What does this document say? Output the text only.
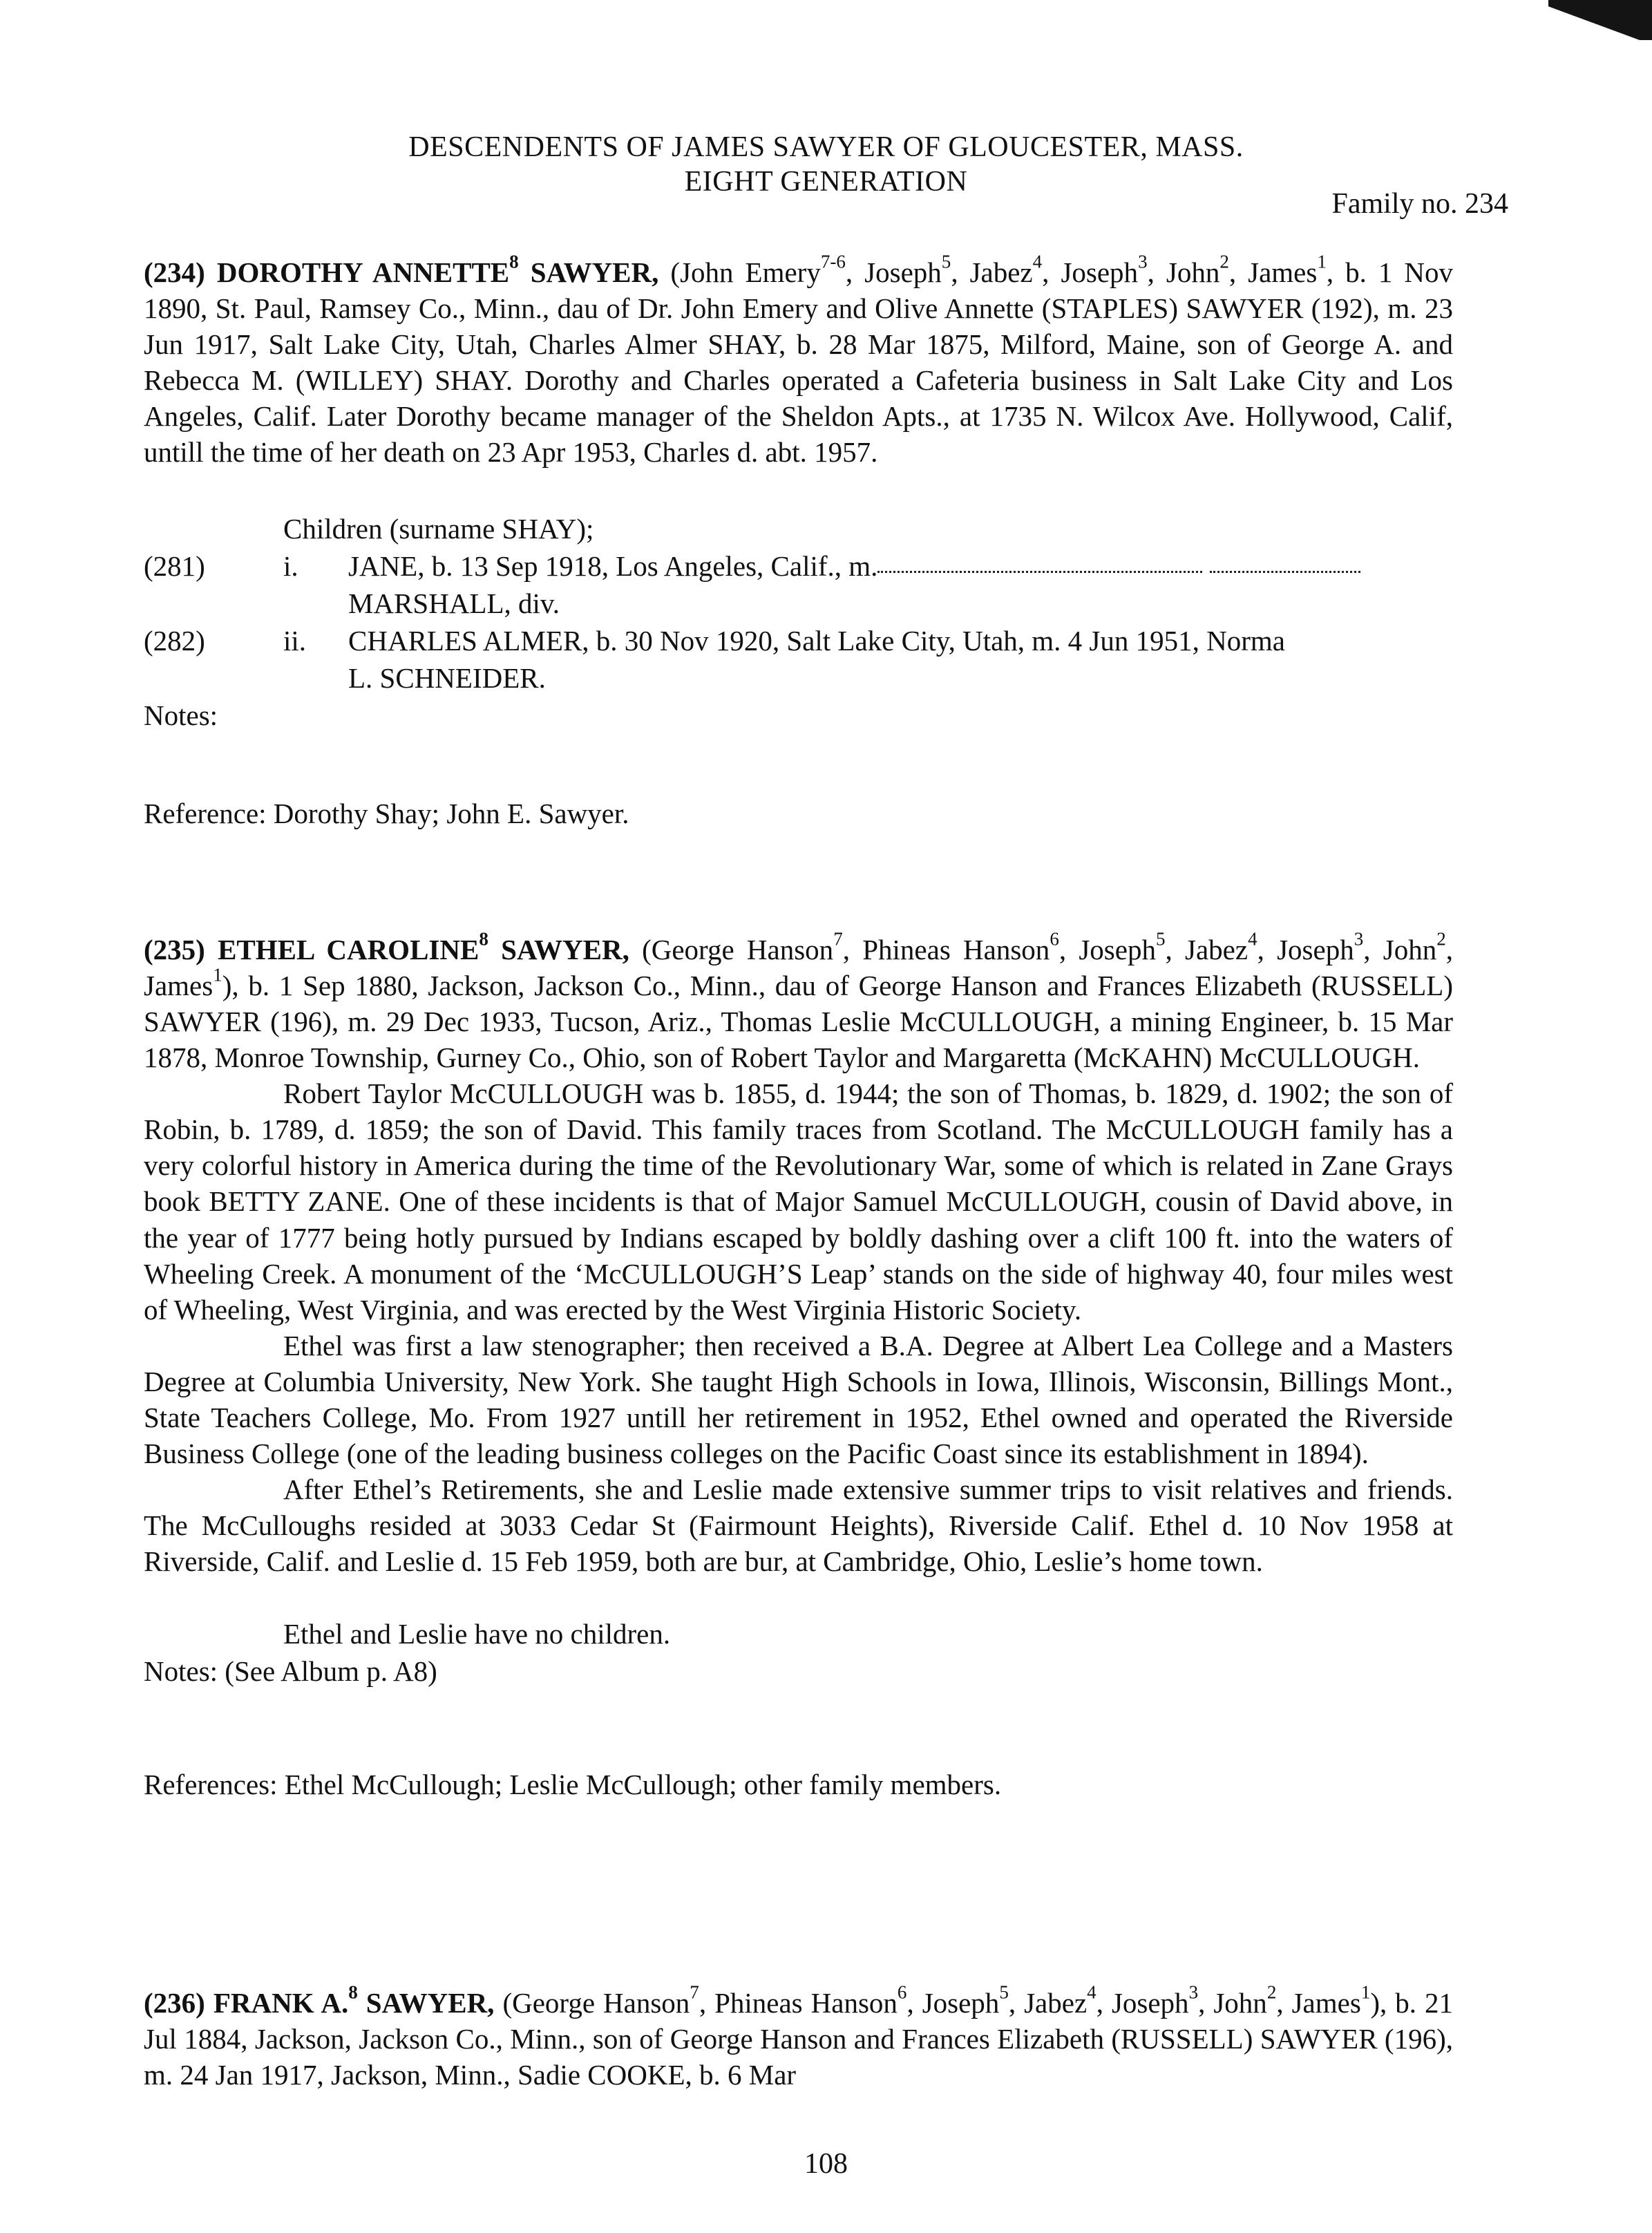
DESCENDENTS OF JAMES SAWYER OF GLOUCESTER, MASS.
EIGHT GENERATION
Family no. 234

(234) DOROTHY ANNETTE$^8$ SAWYER, (John Emery$^{7-6}$, Joseph$^5$, Jabez$^4$, Joseph$^3$, John$^2$, James$^1$, b. 1 Nov 1890, St. Paul, Ramsey Co., Minn., dau of Dr. John Emery and Olive Annette (STAPLES) SAWYER (192), m. 23 Jun 1917, Salt Lake City, Utah, Charles Almer SHAY, b. 28 Mar 1875, Milford, Maine, son of George A. and Rebecca M. (WILLEY) SHAY. Dorothy and Charles operated a Cafeteria business in Salt Lake City and Los Angeles, Calif. Later Dorothy became manager of the Sheldon Apts., at 1735 N. Wilcox Ave. Hollywood, Calif, untill the time of her death on 23 Apr 1953, Charles d. abt. 1957.

Children (surname SHAY);
(281)	i. JANE, b. 13 Sep 1918, Los Angeles, Calif., m.
MARSHALL, div.
(282)	ii. CHARLES ALMER, b. 30 Nov 1920, Salt Lake City, Utah, m. 4 Jun 1951, Norma
L. SCHNEIDER.
Notes:
Reference: Dorothy Shay; John E. Sawyer.

(235) ETHEL CAROLINE$^8$ SAWYER, (George Hanson$^7$, Phineas Hanson$^6$, Joseph$^5$, Jabez$^4$, Joseph$^3$, John$^2$, James$^1$), b. 1 Sep 1880, Jackson, Jackson Co., Minn., dau of George Hanson and Frances Elizabeth (RUSSELL) SAWYER (196), m. 29 Dec 1933, Tucson, Ariz., Thomas Leslie McCULLOUGH, a mining Engineer, b. 15 Mar 1878, Monroe Township, Gurney Co., Ohio, son of Robert Taylor and Margaretta (McKAHN) McCULLOUGH.

Robert Taylor McCULLOUGH was b. 1855, d. 1944; the son of Thomas, b. 1829, d. 1902; the son of Robin, b. 1789, d. 1859; the son of David. This family traces from Scotland. The McCULLOUGH family has a very colorful history in America during the time of the Revolutionary War, some of which is related in Zane Grays book BETTY ZANE. One of these incidents is that of Major Samuel McCULLOUGH, cousin of David above, in the year of 1777 being hotly pursued by Indians escaped by boldly dashing over a clift 100 ft. into the waters of Wheeling Creek. A monument of the ‘McCULLOUGH’S Leap’ stands on the side of highway 40, four miles west of Wheeling, West Virginia, and was erected by the West Virginia Historic Society.

Ethel was first a law stenographer; then received a B.A. Degree at Albert Lea College and a Masters Degree at Columbia University, New York. She taught High Schools in Iowa, Illinois, Wisconsin, Billings Mont., State Teachers College, Mo. From 1927 untill her retirement in 1952, Ethel owned and operated the Riverside Business College (one of the leading business colleges on the Pacific Coast since its establishment in 1894).

After Ethel’s Retirements, she and Leslie made extensive summer trips to visit relatives and friends. The McCulloughs resided at 3033 Cedar St (Fairmount Heights), Riverside Calif. Ethel d. 10 Nov 1958 at Riverside, Calif. and Leslie d. 15 Feb 1959, both are bur, at Cambridge, Ohio, Leslie’s home town.

Ethel and Leslie have no children.
Notes: (See Album p. A8)
References: Ethel McCullough; Leslie McCullough; other family members.

(236) FRANK A.$^8$ SAWYER, (George Hanson$^7$, Phineas Hanson$^6$, Joseph$^5$, Jabez$^4$, Joseph$^3$, John$^2$, James$^1$), b. 21 Jul 1884, Jackson, Jackson Co., Minn., son of George Hanson and Frances Elizabeth (RUSSELL) SAWYER (196), m. 24 Jan 1917, Jackson, Minn., Sadie COOKE, b. 6 Mar

108
